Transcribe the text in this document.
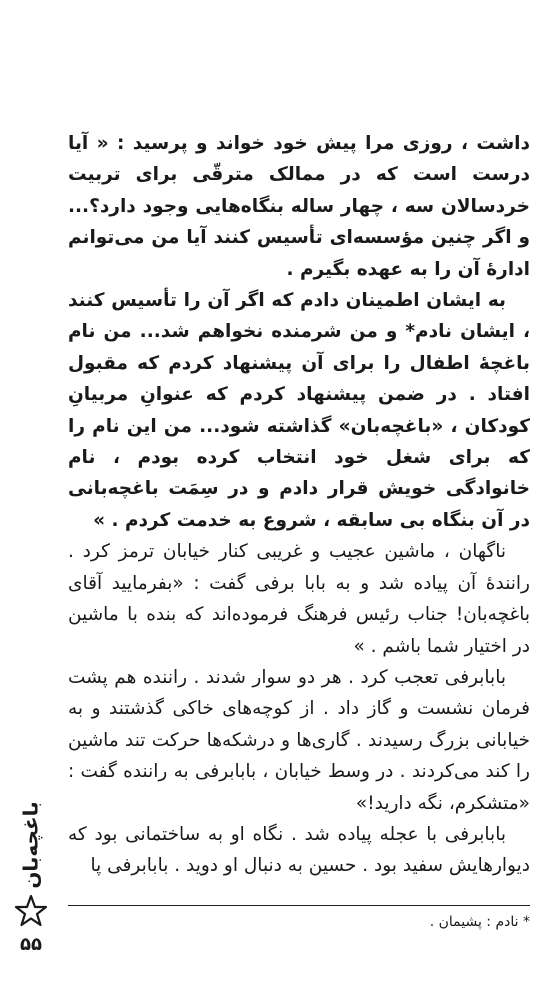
داشت ، روزی مرا پیش خود خواند و پرسید : « آیا درست است که در ممالک مترقّی برای تربیت خردسالان سه ، چهار ساله بنگاه‌هایی وجود دارد؟... و اگر چنین مؤسسه‌ای تأسیس کنند آیا من می‌توانم اداره‌ٔ آن را به عهده بگیرم .

به ایشان اطمینان دادم که اگر آن را تأسیس کنند ، ایشان نادم* و من شرمنده نخواهم شد... من نام باغچه‌ٔ اطفال را برای آن پیشنهاد کردم که مقبول افتاد . در ضمن پیشنهاد کردم که عنوانِ مربیانِ کودکان ، «باغچه‌بان» گذاشته شود... من این نام را که برای شغل خود انتخاب کرده بودم ، نام خانوادگی خویش قرار دادم و در سِمَت باغچه‌بانی در آن بنگاه بی سابقه ، شروع به خدمت کردم . »

ناگهان ، ماشین عجیب و غریبی کنار خیابان ترمز کرد . راننده‌ٔ آن پیاده شد و به بابا برفی گفت : «بفرمایید آقای باغچه‌بان! جناب رئیس فرهنگ فرموده‌اند که بنده با ماشین در اختیار شما باشم . »

بابابرفی تعجب کرد . هر دو سوار شدند . راننده هم پشت فرمان نشست و گاز داد . از کوچه‌های خاکی گذشتند و به خیابانی بزرگ رسیدند . گاری‌ها و درشکه‌ها حرکت تند ماشین را کند می‌کردند . در وسط خیابان ، بابابرفی به راننده گفت : «متشکرم، نگه دارید!»

بابابرفی با عجله پیاده شد . نگاه او به ساختمانی بود که دیوارهایش سفید بود . حسین به دنبال او دوید . بابابرفی پا

* نادم : پشیمان .
باغچه‌بان
۵۵
